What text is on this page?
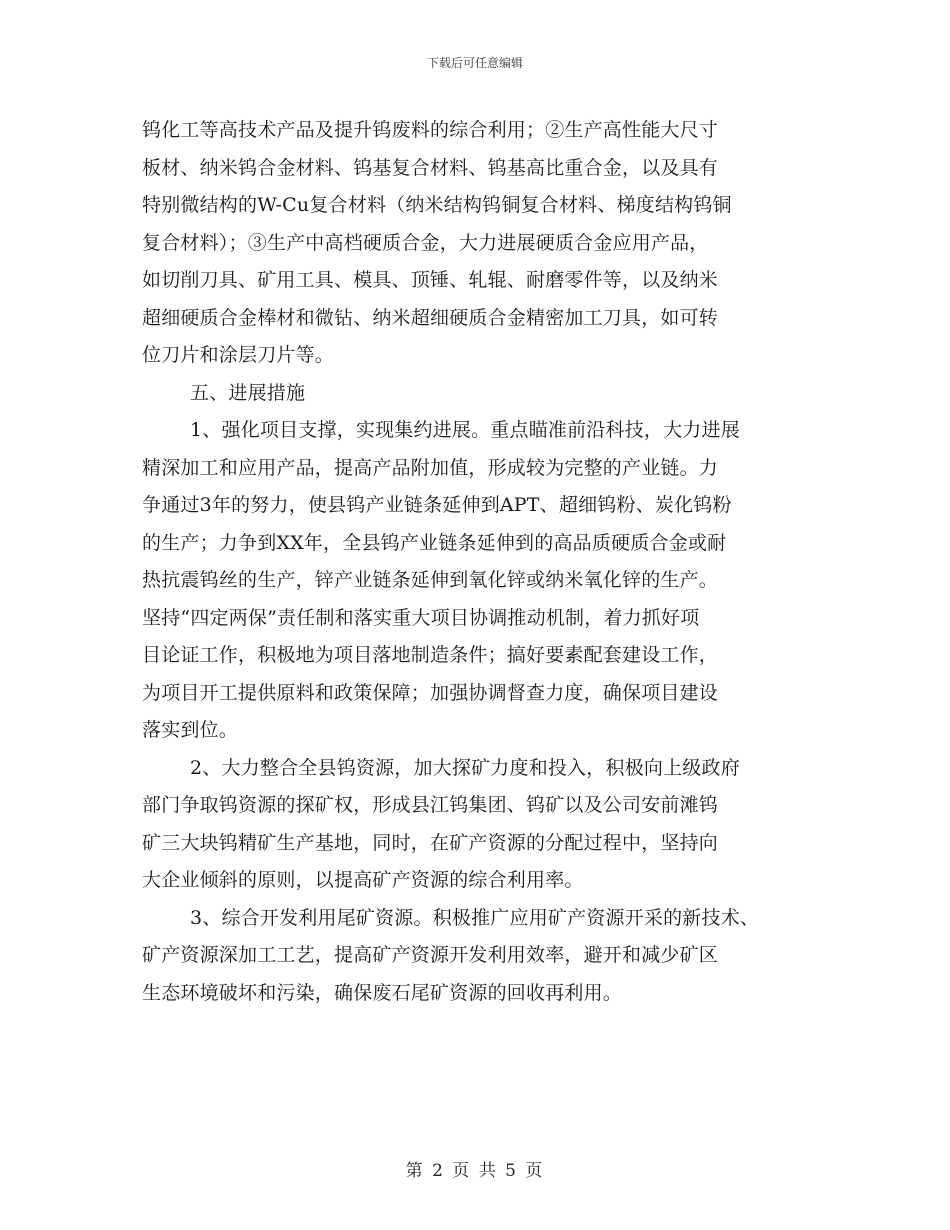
下载后可任意编辑
钨化工等高技术产品及提升钨废料的综合利用；②生产高性能大尺寸
板材、纳米钨合金材料、钨基复合材料、钨基高比重合金，以及具有
特别微结构的W-Cu复合材料（纳米结构钨铜复合材料、梯度结构钨铜
复合材料）；③生产中高档硬质合金，大力进展硬质合金应用产品，
如切削刀具、矿用工具、模具、顶锤、轧辊、耐磨零件等，以及纳米
超细硬质合金棒材和微钻、纳米超细硬质合金精密加工刀具，如可转
位刀片和涂层刀片等。
五、进展措施
1、强化项目支撑，实现集约进展。重点瞄准前沿科技，大力进展
精深加工和应用产品，提高产品附加值，形成较为完整的产业链。力
争通过3年的努力，使县钨产业链条延伸到APT、超细钨粉、炭化钨粉
的生产；力争到XX年，全县钨产业链条延伸到的高品质硬质合金或耐
热抗震钨丝的生产，锌产业链条延伸到氧化锌或纳米氧化锌的生产。
坚持“四定两保”责任制和落实重大项目协调推动机制，着力抓好项
目论证工作，积极地为项目落地制造条件；搞好要素配套建设工作，
为项目开工提供原料和政策保障；加强协调督查力度，确保项目建设
落实到位。
2、大力整合全县钨资源，加大探矿力度和投入，积极向上级政府
部门争取钨资源的探矿权，形成县江钨集团、钨矿以及公司安前滩钨
矿三大块钨精矿生产基地，同时，在矿产资源的分配过程中，坚持向
大企业倾斜的原则，以提高矿产资源的综合利用率。
3、综合开发利用尾矿资源。积极推广应用矿产资源开采的新技术、
矿产资源深加工工艺，提高矿产资源开发利用效率，避开和减少矿区
生态环境破坏和污染，确保废石尾矿资源的回收再利用。
第 2 页 共 5 页
